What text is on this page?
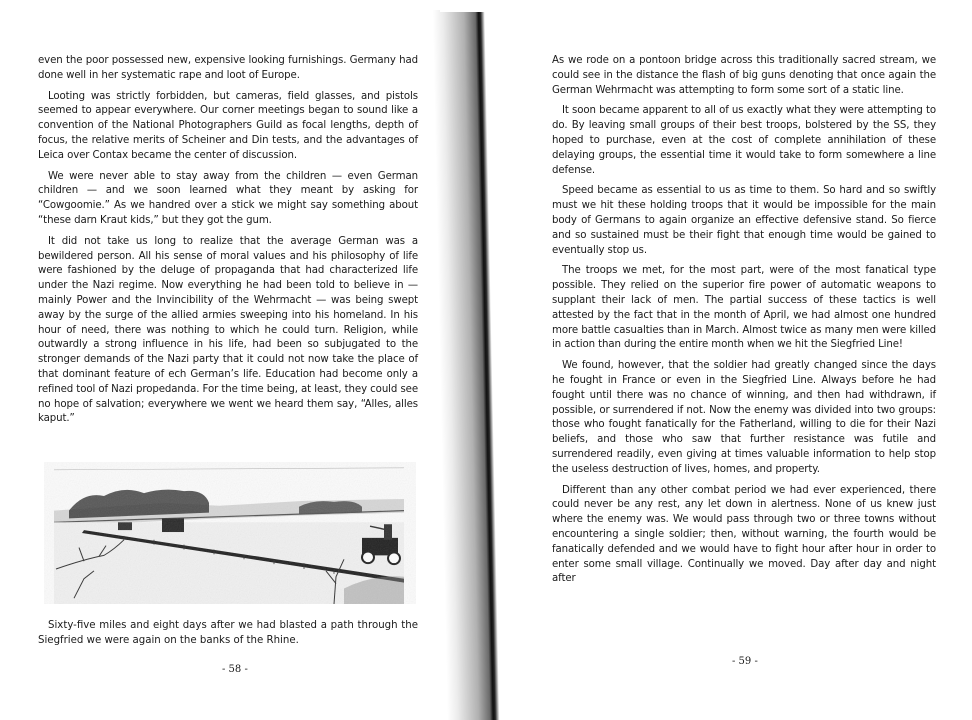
even the poor possessed new, expensive looking furnishings. Germany had done well in her systematic rape and loot of Europe.

Looting was strictly forbidden, but cameras, field glasses, and pistols seemed to appear everywhere. Our corner meetings began to sound like a convention of the National Photographers Guild as focal lengths, depth of focus, the relative merits of Scheiner and Din tests, and the advantages of Leica over Contax became the center of discussion.

We were never able to stay away from the children — even German children — and we soon learned what they meant by asking for “Cowgoomie.” As we handred over a stick we might say something about “these darn Kraut kids,” but they got the gum.

It did not take us long to realize that the average German was a bewildered person. All his sense of moral values and his philosophy of life were fashioned by the deluge of propaganda that had characterized life under the Nazi regime. Now everything he had been told to believe in — mainly Power and the Invincibility of the Wehrmacht — was being swept away by the surge of the allied armies sweeping into his homeland. In his hour of need, there was nothing to which he could turn. Religion, while outwardly a strong influence in his life, had been so subjugated to the stronger demands of the Nazi party that it could not now take the place of that dominant feature of ech German’s life. Education had become only a refined tool of Nazi propedanda. For the time being, at least, they could see no hope of salvation; everywhere we went we heard them say, “Alles, alles kaput.”

Sixty-five miles and eight days after we had blasted a path through the Siegfried we were again on the banks of the Rhine.

- 58 -

As we rode on a pontoon bridge across this traditionally sacred stream, we could see in the distance the flash of big guns denoting that once again the German Wehrmacht was attempting to form some sort of a static line.

It soon became apparent to all of us exactly what they were attempting to do. By leaving small groups of their best troops, bolstered by the SS, they hoped to purchase, even at the cost of complete annihilation of these delaying groups, the essential time it would take to form somewhere a line defense.

Speed became as essential to us as time to them. So hard and so swiftly must we hit these holding troops that it would be impossible for the main body of Germans to again organize an effective defensive stand. So fierce and so sustained must be their fight that enough time would be gained to eventually stop us.

The troops we met, for the most part, were of the most fanatical type possible. They relied on the superior fire power of automatic weapons to supplant their lack of men. The partial success of these tactics is well attested by the fact that in the month of April, we had almost one hundred more battle casualties than in March. Almost twice as many men were killed in action than during the entire month when we hit the Siegfried Line!

We found, however, that the soldier had greatly changed since the days he fought in France or even in the Siegfried Line. Always before he had fought until there was no chance of winning, and then had withdrawn, if possible, or surrendered if not. Now the enemy was divided into two groups: those who fought fanatically for the Fatherland, willing to die for their Nazi beliefs, and those who saw that further resistance was futile and surrendered readily, even giving at times valuable information to help stop the useless destruction of lives, homes, and property.

Different than any other combat period we had ever experienced, there could never be any rest, any let down in alertness. None of us knew just where the enemy was. We would pass through two or three towns without encountering a single soldier; then, without warning, the fourth would be fanatically defended and we would have to fight hour after hour in order to enter some small village. Continually we moved. Day after day and night after

- 59 -
